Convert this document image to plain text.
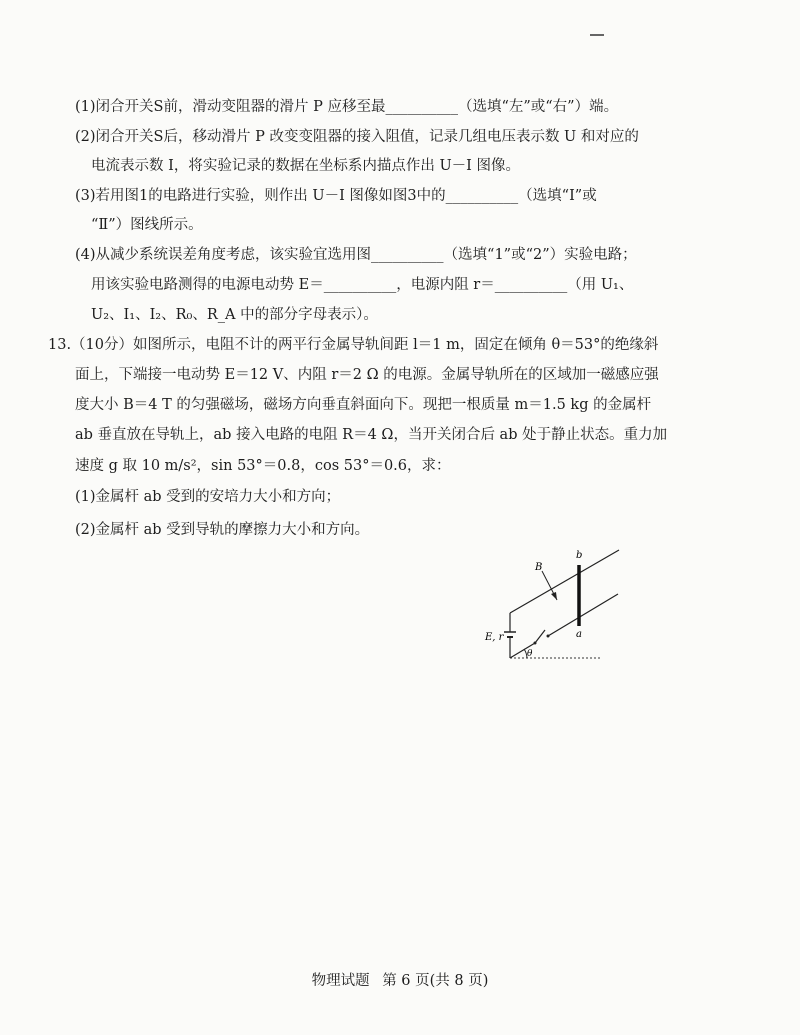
(1)闭合开关S前，滑动变阻器的滑片 P 应移至最__________（选填“左”或“右”）端。
(2)闭合开关S后，移动滑片 P 改变变阻器的接入阻值，记录几组电压表示数 U 和对应的
电流表示数 I，将实验记录的数据在坐标系内描点作出 U－I 图像。
(3)若用图1的电路进行实验，则作出 U－I 图像如图3中的__________（选填“Ⅰ”或
“Ⅱ”）图线所示。
(4)从减少系统误差角度考虑，该实验宜选用图__________（选填“1”或“2”）实验电路；
用该实验电路测得的电源电动势 E＝__________，电源内阻 r＝__________（用 U₁、
U₂、I₁、I₂、R₀、R_A 中的部分字母表示）。
13.（10分）如图所示，电阻不计的两平行金属导轨间距 l＝1 m，固定在倾角 θ＝53°的绝缘斜
面上，下端接一电动势 E＝12 V、内阻 r＝2 Ω 的电源。金属导轨所在的区域加一磁感应强
度大小 B＝4 T 的匀强磁场，磁场方向垂直斜面向下。现把一根质量 m＝1.5 kg 的金属杆
ab 垂直放在导轨上，ab 接入电路的电阻 R＝4 Ω，当开关闭合后 ab 处于静止状态。重力加
速度 g 取 10 m/s²，sin 53°＝0.8，cos 53°＝0.6，求：
(1)金属杆 ab 受到的安培力大小和方向；
(2)金属杆 ab 受到导轨的摩擦力大小和方向。
B
b
a
E, r
θ
物理试题 第 6 页(共 8 页)
